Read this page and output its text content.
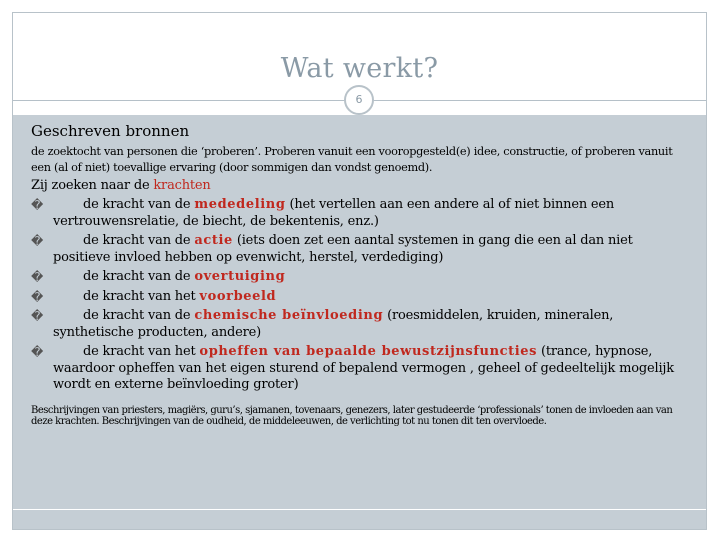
Wat werkt?
6
Geschreven bronnen
de zoektocht van personen die ‘proberen’. Proberen vanuit een vooropgesteld(e) idee, constructie, of proberen vanuit een (al of niet) toevallige ervaring (door sommigen dan vondst genoemd).
Zij zoeken naar de krachten
�	de kracht van de mededeling (het vertellen aan een andere al of niet binnen een vertrouwensrelatie, de biecht, de bekentenis, enz.)
�	de kracht van de actie (iets doen zet een aantal systemen in gang die een al dan niet positieve invloed hebben op evenwicht, herstel, verdediging)
�	de kracht van de overtuiging
�	de kracht van het voorbeeld
�	de kracht van de chemische beïnvloeding (roesmiddelen, kruiden, mineralen, synthetische producten, andere)
�	de kracht van het opheffen van bepaalde bewustzijnsfuncties (trance, hypnose, waardoor opheffen van het eigen sturend of bepalend vermogen , geheel of gedeeltelijk mogelijk wordt en externe beïnvloeding groter)
Beschrijvingen van priesters, magiërs, guru’s, sjamanen, tovenaars, genezers, later gestudeerde ‘professionals’ tonen de invloeden aan van deze krachten. Beschrijvingen van de oudheid, de middeleeuwen, de verlichting tot nu tonen dit ten overvloede.
